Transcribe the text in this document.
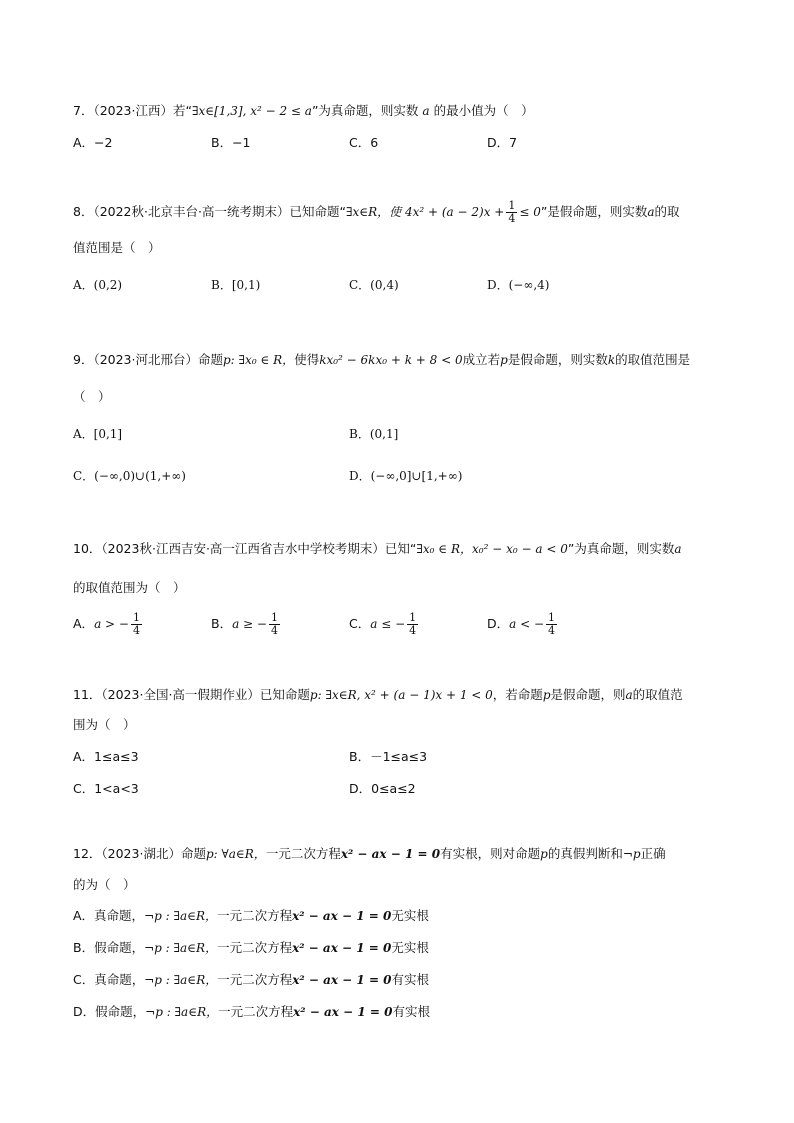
7．（2023·江西）若“∃x∈[1,3], x² − 2 ≤ a”为真命题，则实数 a 的最小值为（　）
A．−2	B．−1	C．6	D．7
8．（2022秋·北京丰台·高一统考期末）已知命题“∃x∈R，使 $4x^2 + (a - 2)x + \frac{1}{4} \le 0$”是假命题，则实数a的取
值范围是（　）
A．(0,2)	B．[0,1)	C．(0,4)	D．(−∞,4)
9．（2023·河北邢台）命题p: ∃x₀ ∈ R，使得kx₀² − 6kx₀ + k + 8 < 0成立若p是假命题，则实数k的取值范围是
（　）
A．[0,1]	B．(0,1]
C．(−∞,0)∪(1,+∞)	D．(−∞,0]∪[1,+∞)
10．（2023秋·江西吉安·高一江西省吉水中学校考期末）已知“∃x₀ ∈ R，x₀² − x₀ − a < 0”为真命题，则实数a
的取值范围为（　）
A．a > − $\frac{1}{4}$	B．a ≥ − $\frac{1}{4}$	C．a ≤ − $\frac{1}{4}$	D．a < − $\frac{1}{4}$
11．（2023·全国·高一假期作业）已知命题p: ∃x∈R, x² + (a − 1)x + 1 < 0，若命题p是假命题，则a的取值范
围为（　）
A．1≤a≤3	B．－1≤a≤3
C．1<a<3	D．0≤a≤2
12．（2023·湖北）命题p: ∀a∈R，一元二次方程x² − ax − 1 = 0有实根，则对命题p的真假判断和¬p正确
的为（　）
A．真命题，¬p : ∃a∈R，一元二次方程x² − ax − 1 = 0无实根
B．假命题，¬p : ∃a∈R，一元二次方程x² − ax − 1 = 0无实根
C．真命题，¬p : ∃a∈R，一元二次方程x² − ax − 1 = 0有实根
D．假命题，¬p : ∃a∈R，一元二次方程x² − ax − 1 = 0有实根
